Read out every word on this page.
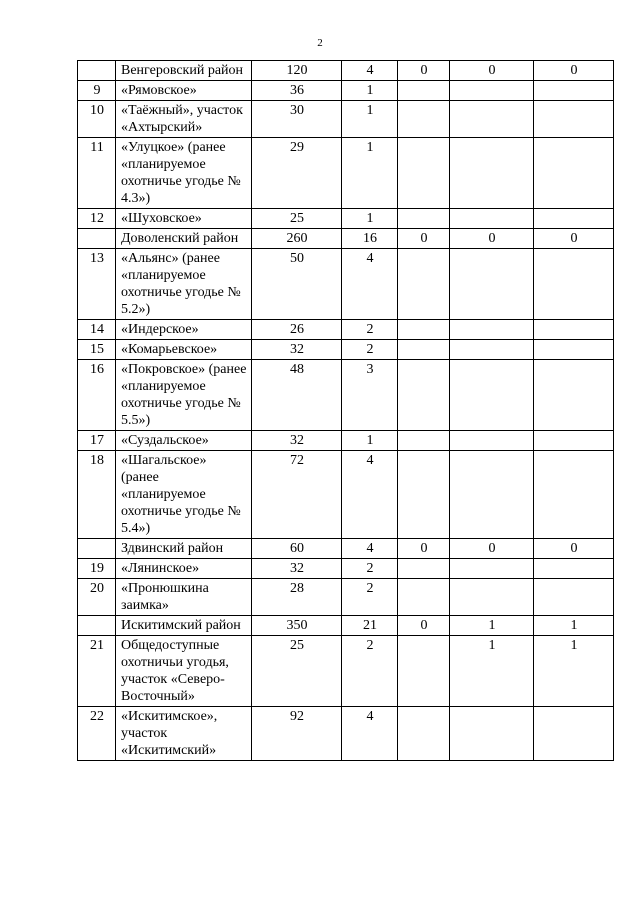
2
	Венгеровский район	120	4	0	0	0
9	«Рямовское»	36	1			
10	«Таёжный», участок «Ахтырский»	30	1			
11	«Улуцкое» (ранее «планируемое охотничье угодье № 4.3»)	29	1			
12	«Шуховское»	25	1			
	Доволенский район	260	16	0	0	0
13	«Альянс» (ранее «планируемое охотничье угодье № 5.2»)	50	4			
14	«Индерское»	26	2			
15	«Комарьевское»	32	2			
16	«Покровское» (ранее «планируемое охотничье угодье № 5.5»)	48	3			
17	«Суздальское»	32	1			
18	«Шагальское» (ранее «планируемое охотничье угодье № 5.4»)	72	4			
	Здвинский район	60	4	0	0	0
19	«Лянинское»	32	2			
20	«Пронюшкина заимка»	28	2			
	Искитимский район	350	21	0	1	1
21	Общедоступные охотничьи угодья, участок «Северо-Восточный»	25	2		1	1
22	«Искитимское», участок «Искитимский»	92	4			
